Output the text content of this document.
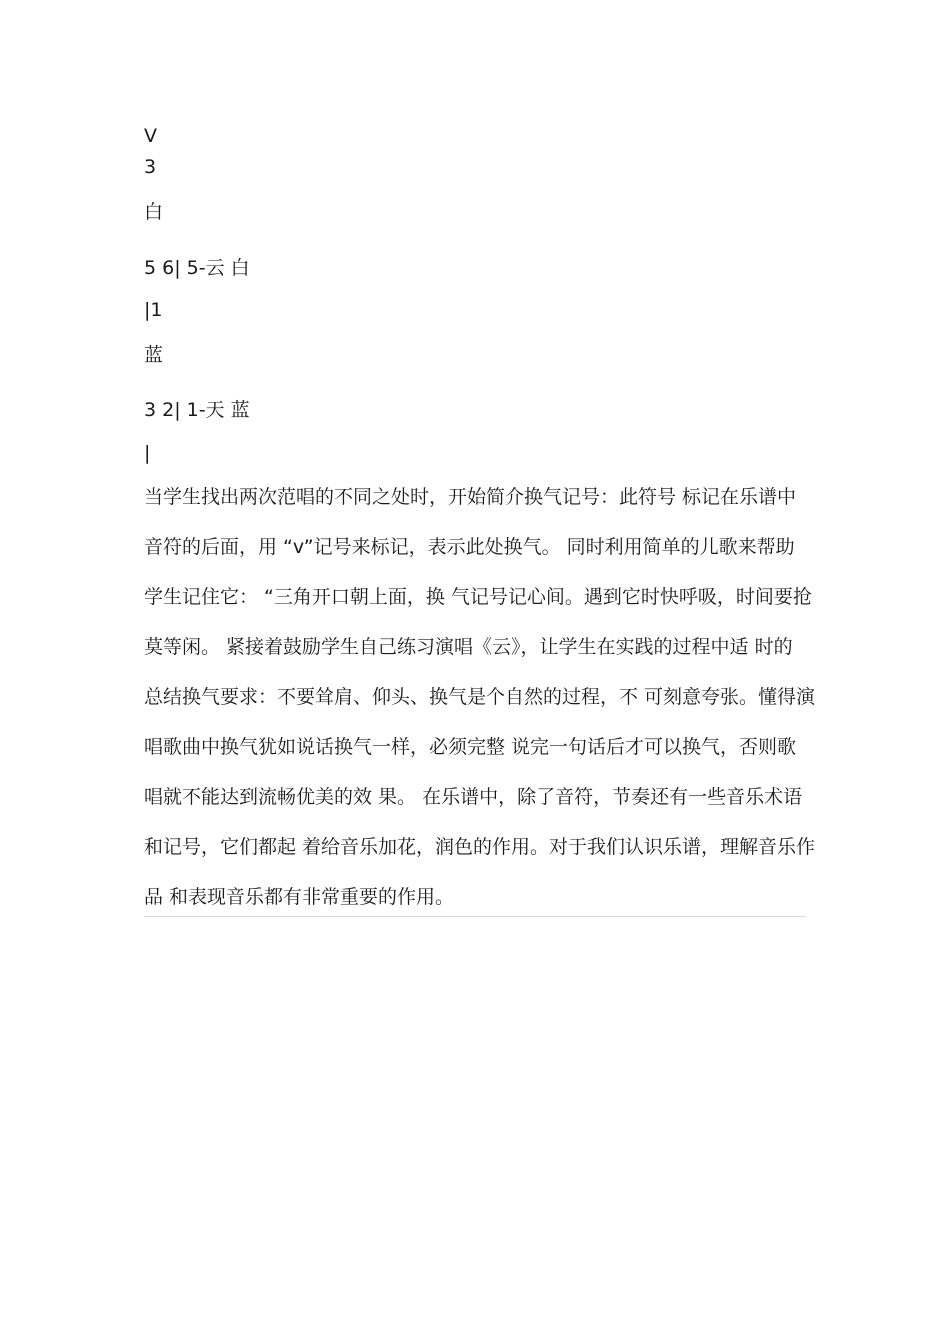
V
3
白
5 6| 5-云 白
|1
蓝
3 2| 1-天 蓝
|
当学生找出两次范唱的不同之处时，开始简介换气记号：此符号 标记在乐谱中
音符的后面，用 “v”记号来标记，表示此处换气。 同时利用简单的儿歌来帮助
学生记住它： “三角开口朝上面，换 气记号记心间。遇到它时快呼吸，时间要抢
莫等闲。 紧接着鼓励学生自己练习演唱《云》，让学生在实践的过程中适 时的
总结换气要求：不要耸肩、仰头、换气是个自然的过程，不 可刻意夸张。懂得演
唱歌曲中换气犹如说话换气一样，必须完整 说完一句话后才可以换气，否则歌
唱就不能达到流畅优美的效 果。 在乐谱中，除了音符，节奏还有一些音乐术语
和记号，它们都起 着给音乐加花，润色的作用。对于我们认识乐谱，理解音乐作
品 和表现音乐都有非常重要的作用。
